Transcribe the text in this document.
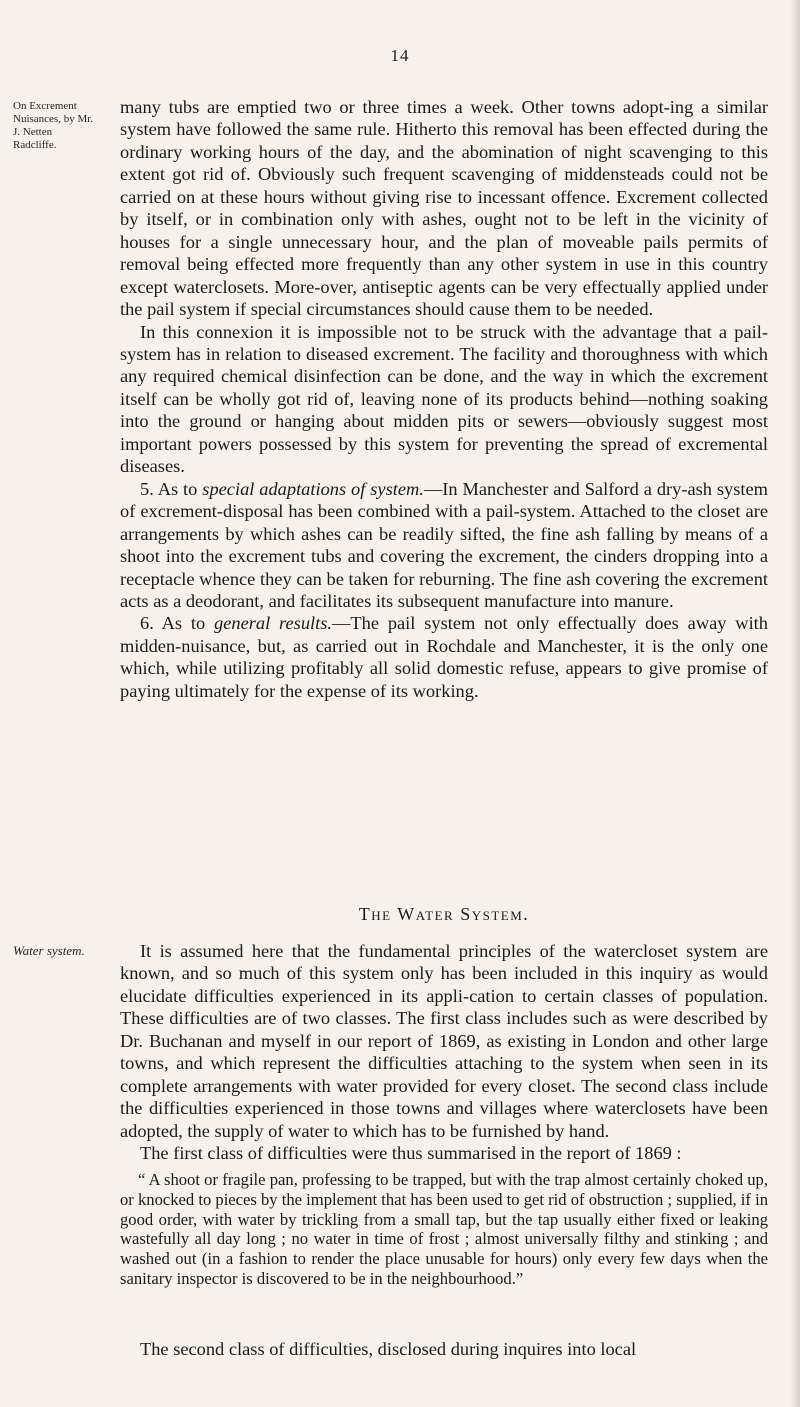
14
On Excrement Nuisances, by Mr. J. Netten Radcliffe.

many tubs are emptied two or three times a week. Other towns adopt-ing a similar system have followed the same rule. Hitherto this removal has been effected during the ordinary working hours of the day, and the abomination of night scavenging to this extent got rid of. Obviously such frequent scavenging of middensteads could not be carried on at these hours without giving rise to incessant offence. Excrement collected by itself, or in combination only with ashes, ought not to be left in the vicinity of houses for a single unnecessary hour, and the plan of moveable pails permits of removal being effected more frequently than any other system in use in this country except waterclosets. More-over, antiseptic agents can be very effectually applied under the pail system if special circumstances should cause them to be needed.

In this connexion it is impossible not to be struck with the advantage that a pail-system has in relation to diseased excrement. The facility and thoroughness with which any required chemical disinfection can be done, and the way in which the excrement itself can be wholly got rid of, leaving none of its products behind—nothing soaking into the ground or hanging about midden pits or sewers—obviously suggest most important powers possessed by this system for preventing the spread of excremental diseases.

5. As to special adaptations of system.—In Manchester and Salford a dry-ash system of excrement-disposal has been combined with a pail-system. Attached to the closet are arrangements by which ashes can be readily sifted, the fine ash falling by means of a shoot into the excrement tubs and covering the excrement, the cinders dropping into a receptacle whence they can be taken for reburning. The fine ash covering the excrement acts as a deodorant, and facilitates its subsequent manufacture into manure.

6. As to general results.—The pail system not only effectually does away with midden-nuisance, but, as carried out in Rochdale and Manchester, it is the only one which, while utilizing profitably all solid domestic refuse, appears to give promise of paying ultimately for the expense of its working.

The Water System.
Water system.	It is assumed here that the fundamental principles of the watercloset system are known, and so much of this system only has been included in this inquiry as would elucidate difficulties experienced in its appli-cation to certain classes of population. These difficulties are of two classes. The first class includes such as were described by Dr. Buchanan and myself in our report of 1869, as existing in London and other large towns, and which represent the difficulties attaching to the system when seen in its complete arrangements with water provided for every closet. The second class include the difficulties experienced in those towns and villages where waterclosets have been adopted, the supply of water to which has to be furnished by hand.

The first class of difficulties were thus summarised in the report of 1869 :

“ A shoot or fragile pan, professing to be trapped, but with the trap almost certainly choked up, or knocked to pieces by the implement that has been used to get rid of obstruction ; supplied, if in good order, with water by trickling from a small tap, but the tap usually either fixed or leaking wastefully all day long ; no water in time of frost ; almost universally filthy and stinking ; and washed out (in a fashion to render the place unusable for hours) only every few days when the sanitary inspector is discovered to be in the neighbourhood.”

The second class of difficulties, disclosed during inquires into local
